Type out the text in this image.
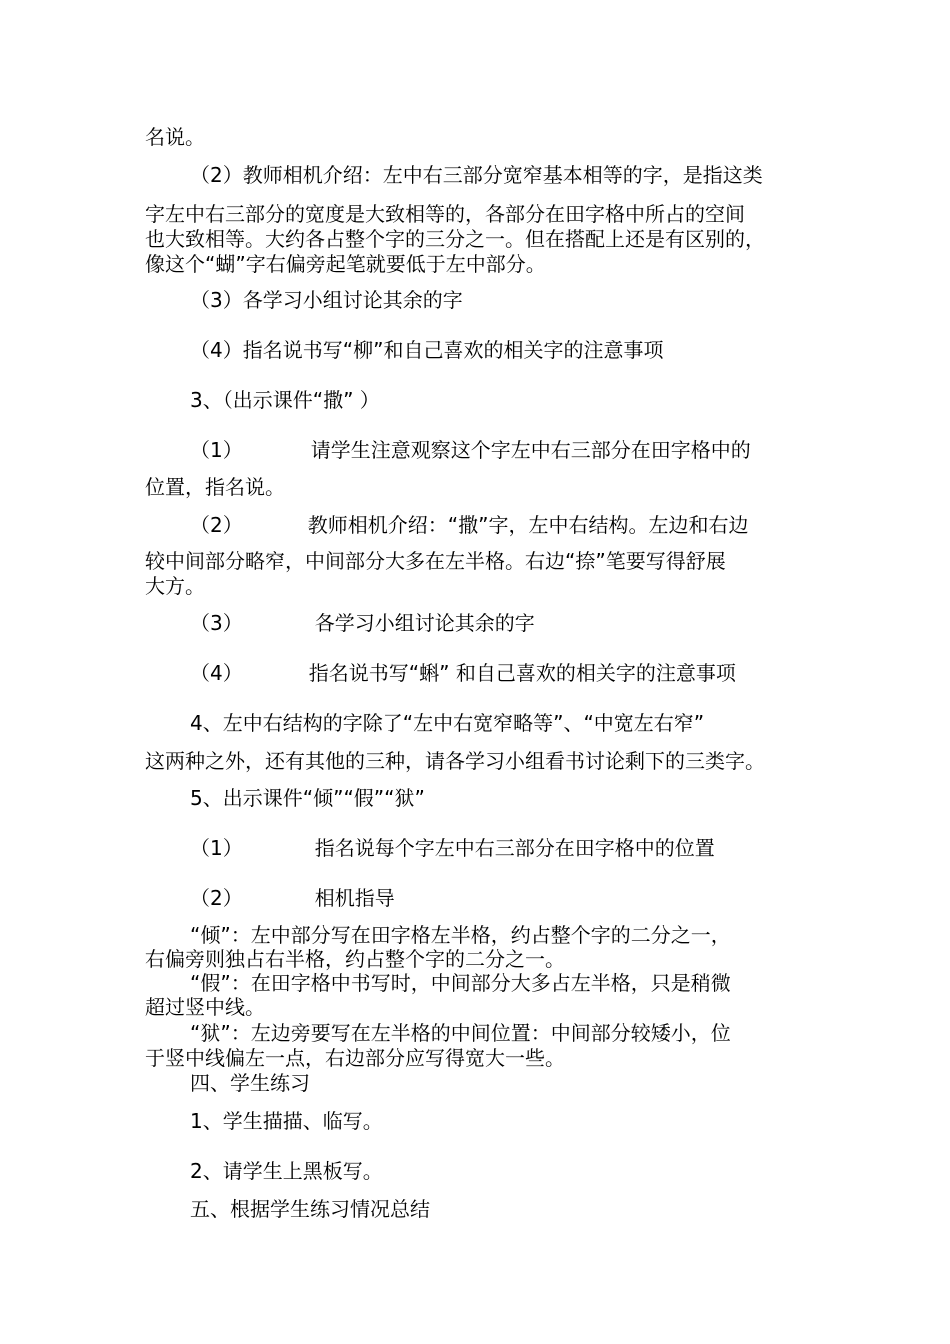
名说。

（2）教师相机介绍：左中右三部分宽窄基本相等的字，是指这类

字左中右三部分的宽度是大致相等的，各部分在田字格中所占的空间

也大致相等。大约各占整个字的三分之一。但在搭配上还是有区别的，

像这个“蝴”字右偏旁起笔就要低于左中部分。

（3）各学习小组讨论其余的字

（4）指名说书写“柳”和自己喜欢的相关字的注意事项

3、（出示课件“撒” ）

（1）	请学生注意观察这个字左中右三部分在田字格中的

位置，指名说。

（2）	教师相机介绍：“撒”字，左中右结构。左边和右边

较中间部分略窄，中间部分大多在左半格。右边“捺”笔要写得舒展

大方。

（3）	各学习小组讨论其余的字

（4）	指名说书写“蝌” 和自己喜欢的相关字的注意事项

4、左中右结构的字除了“左中右宽窄略等”、“中宽左右窄”

这两种之外，还有其他的三种，请各学习小组看书讨论剩下的三类字。

5、出示课件“倾”“假”“狱”

（1）	指名说每个字左中右三部分在田字格中的位置

（2）	相机指导

“倾”：左中部分写在田字格左半格，约占整个字的二分之一，

右偏旁则独占右半格，约占整个字的二分之一。

“假”：在田字格中书写时，中间部分大多占左半格，只是稍微

超过竖中线。

“狱”：左边旁要写在左半格的中间位置：中间部分较矮小，位

于竖中线偏左一点，右边部分应写得宽大一些。

四、学生练习

1、学生描描、临写。

2、请学生上黑板写。

五、根据学生练习情况总结
